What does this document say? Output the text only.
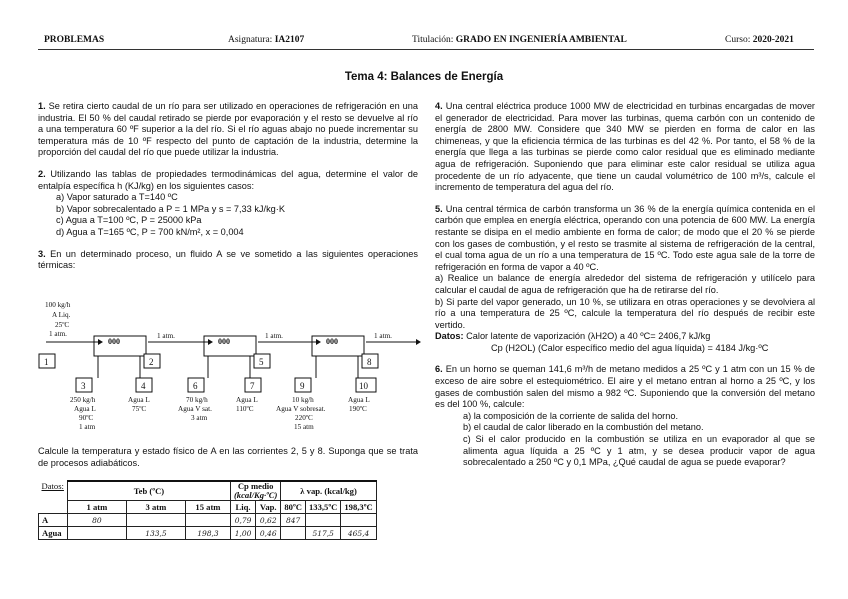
PROBLEMAS	Asignatura: IA2107	Titulación: GRADO EN INGENIERÍA AMBIENTAL	Curso: 2020-2021
Tema 4: Balances de Energía

1. Se retira cierto caudal de un río para ser utilizado en operaciones de refrigeración en una industria. El 50 % del caudal retirado se pierde por evaporación y el resto se devuelve al río a una temperatura 60 ºF superior a la del río. Si el río aguas abajo no puede incrementar su temperatura más de 10 ºF respecto del punto de captación de la industria, determine la proporción del caudal del río que puede utilizar la industria.

2. Utilizando las tablas de propiedades termodinámicas del agua, determine el valor de entalpía específica h (KJ/kg) en los siguientes casos:

a) Vapor saturado a T=140 ºC

b) Vapor sobrecalentado a P = 1 MPa y s = 7,33 kJ/kg·K

c) Agua a T=100 ºC, P = 25000 kPa

d) Agua a T=165 ºC, P = 700 kN/m², x = 0,004

3. En un determinado proceso, un fluido A se ve sometido a las siguientes operaciones térmicas:

100 kg/h
A Liq.
25ºC
1 atm.	1 atm.	1 atm.	1 atm.
000	000	000
1	2	5	8
3	4	6	7	9	10
250 kg/h
Agua L
90ºC
1 atm
Agua L
75ºC
70 kg/h
Agua V sat.
3 atm
Agua L
110ºC
10 kg/h
Agua V sobresat.
220ºC
15 atm
Agua L
190ºC

Calcule la temperatura y estado físico de A en las corrientes 2, 5 y 8. Suponga que se trata de procesos adiabáticos.

Datos:	Teb (ºC)			Cp medio
(kcal/Kg·ºC)		λ vap. (kcal/kg)		
	1 atm	3 atm	15 atm	Liq.	Vap.	80ºC	133,5ºC	198,3ºC
A	80			0,79	0,62	847		
Agua		133,5	198,3	1,00	0,46		517,5	465,4

4. Una central eléctrica produce 1000 MW de electricidad en turbinas encargadas de mover el generador de electricidad. Para mover las turbinas, quema carbón con un contenido de energía de 2800 MW. Considere que 340 MW se pierden en forma de calor en las chimeneas, y que la eficiencia térmica de las turbinas es del 42 %. Por tanto, el 58 % de la energía que llega a las turbinas se pierde como calor residual que es eliminado mediante agua de refrigeración. Suponiendo que para eliminar este calor residual se utiliza agua procedente de un río adyacente, que tiene un caudal volumétrico de 100 m³/s, calcule el incremento de temperatura del agua del río.

5. Una central térmica de carbón transforma un 36 % de la energía química contenida en el carbón que emplea en energía eléctrica, operando con una potencia de 600 MW. La energía restante se disipa en el medio ambiente en forma de calor; de modo que el 20 % se pierde con los gases de combustión, y el resto se trasmite al sistema de refrigeración de la central, el cual toma agua de un río a una temperatura de 15 ºC. Todo este agua sale de la torre de refrigeración en forma de vapor a 40 ºC.

a) Realice un balance de energía alrededor del sistema de refrigeración y utilícelo para calcular el caudal de agua de refrigeración que ha de retirarse del río.

b) Si parte del vapor generado, un 10 %, se utilizara en otras operaciones y se devolviera al río a una temperatura de 25 ºC, calcule la temperatura del río después de recibir este vertido.

Datos: Calor latente de vaporización (λH2O) a 40 ºC= 2406,7 kJ/kg

Cp (H2OL) (Calor específico medio del agua líquida) = 4184 J/kg·ºC

6. En un horno se queman 141,6 m³/h de metano medidos a 25 ºC y 1 atm con un 15 % de exceso de aire sobre el estequiométrico. El aire y el metano entran al horno a 25 ºC, y los gases de combustión salen del mismo a 982 ºC. Suponiendo que la conversión del metano es del 100 %, calcule:

a) la composición de la corriente de salida del horno.

b) el caudal de calor liberado en la combustión del metano.

c) Si el calor producido en la combustión se utiliza en un evaporador al que se alimenta agua líquida a 25 ºC y 1 atm, y se desea producir vapor de agua sobrecalentado a 250 ºC y 0,1 MPa, ¿Qué caudal de agua se puede evaporar?
